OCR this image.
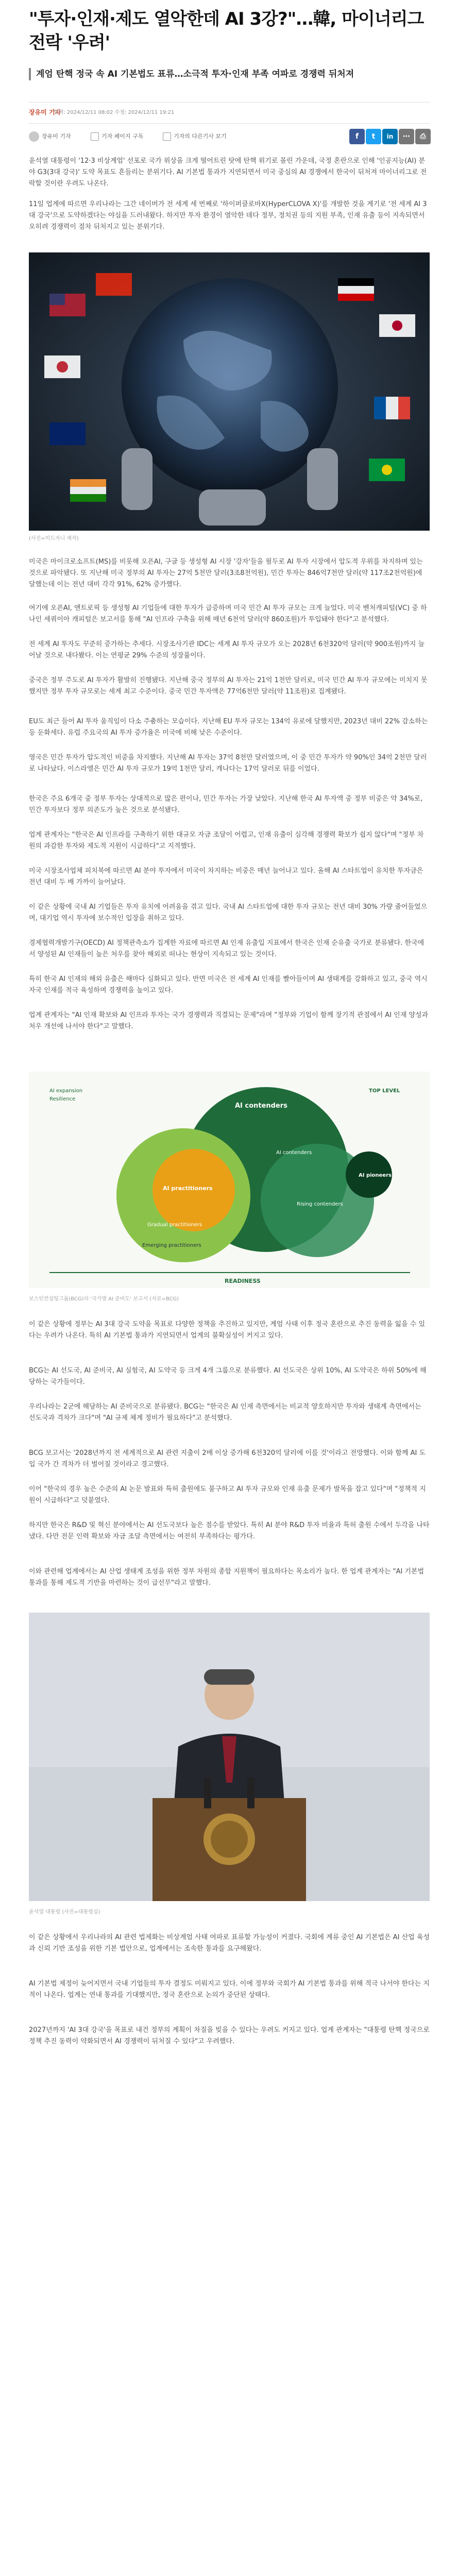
"투자·인재·제도 열악한데 AI 3강?"…韓, 마이너리그 전락 '우려'
계엄 탄핵 정국 속 AI 기본법도 표류…소극적 투자·인재 부족 여파로 경쟁력 뒤처져
장유미 기자
입력: 2024/12/11 08:02 수정: 2024/12/11 19:21
장유미 기자	기자 페이지 구독	기자의 다른기사 보기	f	t	in	⋯	⎙
윤석열 대통령이 '12·3 비상계엄' 선포로 국가 위상을 크게 떨어트린 탓에 탄핵 위기로 몰린 가운데, 국정 혼란으로 인해 '인공지능(AI) 분야 G3(3대 강국)' 도약 목표도 흔들리는 분위기다. AI 기본법 통과가 지연되면서 미국 중심의 AI 경쟁에서 한국이 뒤처져 마이너리그로 전락할 것이란 우려도 나온다.
11일 업계에 따르면 우리나라는 그간 네이버가 전 세계 세 번째로 '하이퍼클로바X(HyperCLOVA X)'를 개발한 것을 계기로 '전 세계 AI 3대 강국'으로 도약하겠다는 야심을 드러내왔다. 하지만 투자 환경이 열악한 데다 정부, 정치권 등의 지원 부족, 인재 유출 등이 지속되면서 오히려 경쟁력이 점차 뒤처지고 있는 분위기다.
(사진=미드저니 제작)
미국은 마이크로소프트(MS)를 비롯해 오픈AI, 구글 등 생성형 AI 시장 '강자'들을 필두로 AI 투자 시장에서 압도적 우위를 차지하며 있는 것으로 파악됐다. 또 지난해 미국 정부의 AI 투자는 27억 5천만 달러(3조8천억원), 민간 투자는 846억7천만 달러(약 117조2천억원)에 달했는데 이는 전년 대비 각각 91%, 62% 증가했다.
여기에 오픈AI, 앤트로픽 등 생성형 AI 기업들에 대한 투자가 급증하며 미국 민간 AI 투자 규모는 크게 늘었다. 미국 벤처캐피털(VC) 중 하나인 세쿼이아 캐피털은 보고서를 통해 "AI 인프라 구축을 위해 매년 6천억 달러(약 860조원)가 투입돼야 한다"고 분석했다.
전 세계 AI 투자도 꾸준히 증가하는 추세다. 시장조사기관 IDC는 세계 AI 투자 규모가 오는 2028년 6천320억 달러(약 900조원)까지 늘어날 것으로 내다봤다. 이는 연평균 29% 수준의 성장률이다.
중국은 정부 주도로 AI 투자가 활발히 진행됐다. 지난해 중국 정부의 AI 투자는 21억 1천만 달러로, 미국 민간 AI 투자 규모에는 미치지 못했지만 정부 투자 규모로는 세계 최고 수준이다. 중국 민간 투자액은 77억6천만 달러(약 11조원)로 집계됐다.
EU도 최근 들어 AI 투자 움직임이 다소 주춤하는 모습이다. 지난해 EU 투자 규모는 134억 유로에 달했지만, 2023년 대비 22% 감소하는 등 둔화세다. 유럽 주요국의 AI 투자 증가율은 미국에 비해 낮은 수준이다.
영국은 민간 투자가 압도적인 비중을 차지했다. 지난해 AI 투자는 37억 8천만 달러였으며, 이 중 민간 투자가 약 90%인 34억 2천만 달러로 나타났다. 이스라엘은 민간 AI 투자 규모가 19억 1천만 달러, 캐나다는 17억 달러로 뒤를 이었다.
한국은 주요 6개국 중 정부 투자는 상대적으로 많은 편이나, 민간 투자는 가장 낮았다. 지난해 한국 AI 투자액 중 정부 비중은 약 34%로, 민간 투자보다 정부 의존도가 높은 것으로 분석됐다.
업계 관계자는 "한국은 AI 인프라를 구축하기 위한 대규모 자금 조달이 어렵고, 인재 유출이 심각해 경쟁력 확보가 쉽지 않다"며 "정부 차원의 과감한 투자와 제도적 지원이 시급하다"고 지적했다.
미국 시장조사업체 피치북에 따르면 AI 분야 투자에서 미국이 차지하는 비중은 매년 늘어나고 있다. 올해 AI 스타트업이 유치한 투자금은 전년 대비 두 배 가까이 늘어났다.
이 같은 상황에 국내 AI 기업들은 투자 유치에 어려움을 겪고 있다. 국내 AI 스타트업에 대한 투자 규모는 전년 대비 30% 가량 줄어들었으며, 대기업 역시 투자에 보수적인 입장을 취하고 있다.
경제협력개발기구(OECD) AI 정책관측소가 집계한 자료에 따르면 AI 인재 유출입 지표에서 한국은 인재 순유출 국가로 분류됐다. 한국에서 양성된 AI 인재들이 높은 처우를 찾아 해외로 떠나는 현상이 지속되고 있는 것이다.
특히 한국 AI 인재의 해외 유출은 해마다 심화되고 있다. 반면 미국은 전 세계 AI 인재를 빨아들이며 AI 생태계를 강화하고 있고, 중국 역시 자국 인재를 적극 육성하며 경쟁력을 높이고 있다.
업계 관계자는 "AI 인재 확보와 AI 인프라 투자는 국가 경쟁력과 직결되는 문제"라며 "정부와 기업이 함께 장기적 관점에서 AI 인재 양성과 처우 개선에 나서야 한다"고 말했다.
AI contenders
AI pioneers
AI practitioners
Rising contenders
Gradual practitioners
Emerging practitioners
AI contenders
READINESS
TOP LEVEL
AI expansion
Resilience
보스턴컨설팅그룹(BCG)의 '국가별 AI 준비도' 보고서 (자료=BCG)
이 같은 상황에 정부는 AI 3대 강국 도약을 목표로 다양한 정책을 추진하고 있지만, 계엄 사태 이후 정국 혼란으로 추진 동력을 잃을 수 있다는 우려가 나온다. 특히 AI 기본법 통과가 지연되면서 업계의 불확실성이 커지고 있다.
BCG는 AI 선도국, AI 준비국, AI 실험국, AI 도약국 등 크게 4개 그룹으로 분류했다. AI 선도국은 상위 10%, AI 도약국은 하위 50%에 해당하는 국가들이다.
우리나라는 2군에 해당하는 AI 준비국으로 분류됐다. BCG는 "한국은 AI 인재 측면에서는 비교적 양호하지만 투자와 생태계 측면에서는 선도국과 격차가 크다"며 "AI 규제 체계 정비가 필요하다"고 분석했다.
BCG 보고서는 '2028년까지 전 세계적으로 AI 관련 지출이 2배 이상 증가해 6천320억 달러에 이를 것'이라고 전망했다. 이와 함께 AI 도입 국가 간 격차가 더 벌어질 것이라고 경고했다.
이어 "한국의 경우 높은 수준의 AI 논문 발표와 특허 출원에도 불구하고 AI 투자 규모와 인재 유출 문제가 발목을 잡고 있다"며 "정책적 지원이 시급하다"고 덧붙였다.
하지만 한국은 R&D 및 혁신 분야에서는 AI 선도국보다 높은 점수를 받았다. 특히 AI 분야 R&D 투자 비율과 특허 출원 수에서 두각을 나타냈다. 다만 전문 인력 확보와 자금 조달 측면에서는 여전히 부족하다는 평가다.
이와 관련해 업계에서는 AI 산업 생태계 조성을 위한 정부 차원의 종합 지원책이 필요하다는 목소리가 높다. 한 업계 관계자는 "AI 기본법 통과를 통해 제도적 기반을 마련하는 것이 급선무"라고 말했다.
윤석열 대통령 (사진=대통령실)
이 같은 상황에서 우리나라의 AI 관련 법제화는 비상계엄 사태 여파로 표류할 가능성이 커졌다. 국회에 계류 중인 AI 기본법은 AI 산업 육성과 신뢰 기반 조성을 위한 기본 법안으로, 업계에서는 조속한 통과를 요구해왔다.
AI 기본법 제정이 늦어지면서 국내 기업들의 투자 결정도 미뤄지고 있다. 이에 정부와 국회가 AI 기본법 통과를 위해 적극 나서야 한다는 지적이 나온다. 업계는 연내 통과를 기대했지만, 정국 혼란으로 논의가 중단된 상태다.
2027년까지 'AI 3대 강국'을 목표로 내건 정부의 계획이 차질을 빚을 수 있다는 우려도 커지고 있다. 업계 관계자는 "대통령 탄핵 정국으로 정책 추진 동력이 약화되면서 AI 경쟁력이 뒤처질 수 있다"고 우려했다.
